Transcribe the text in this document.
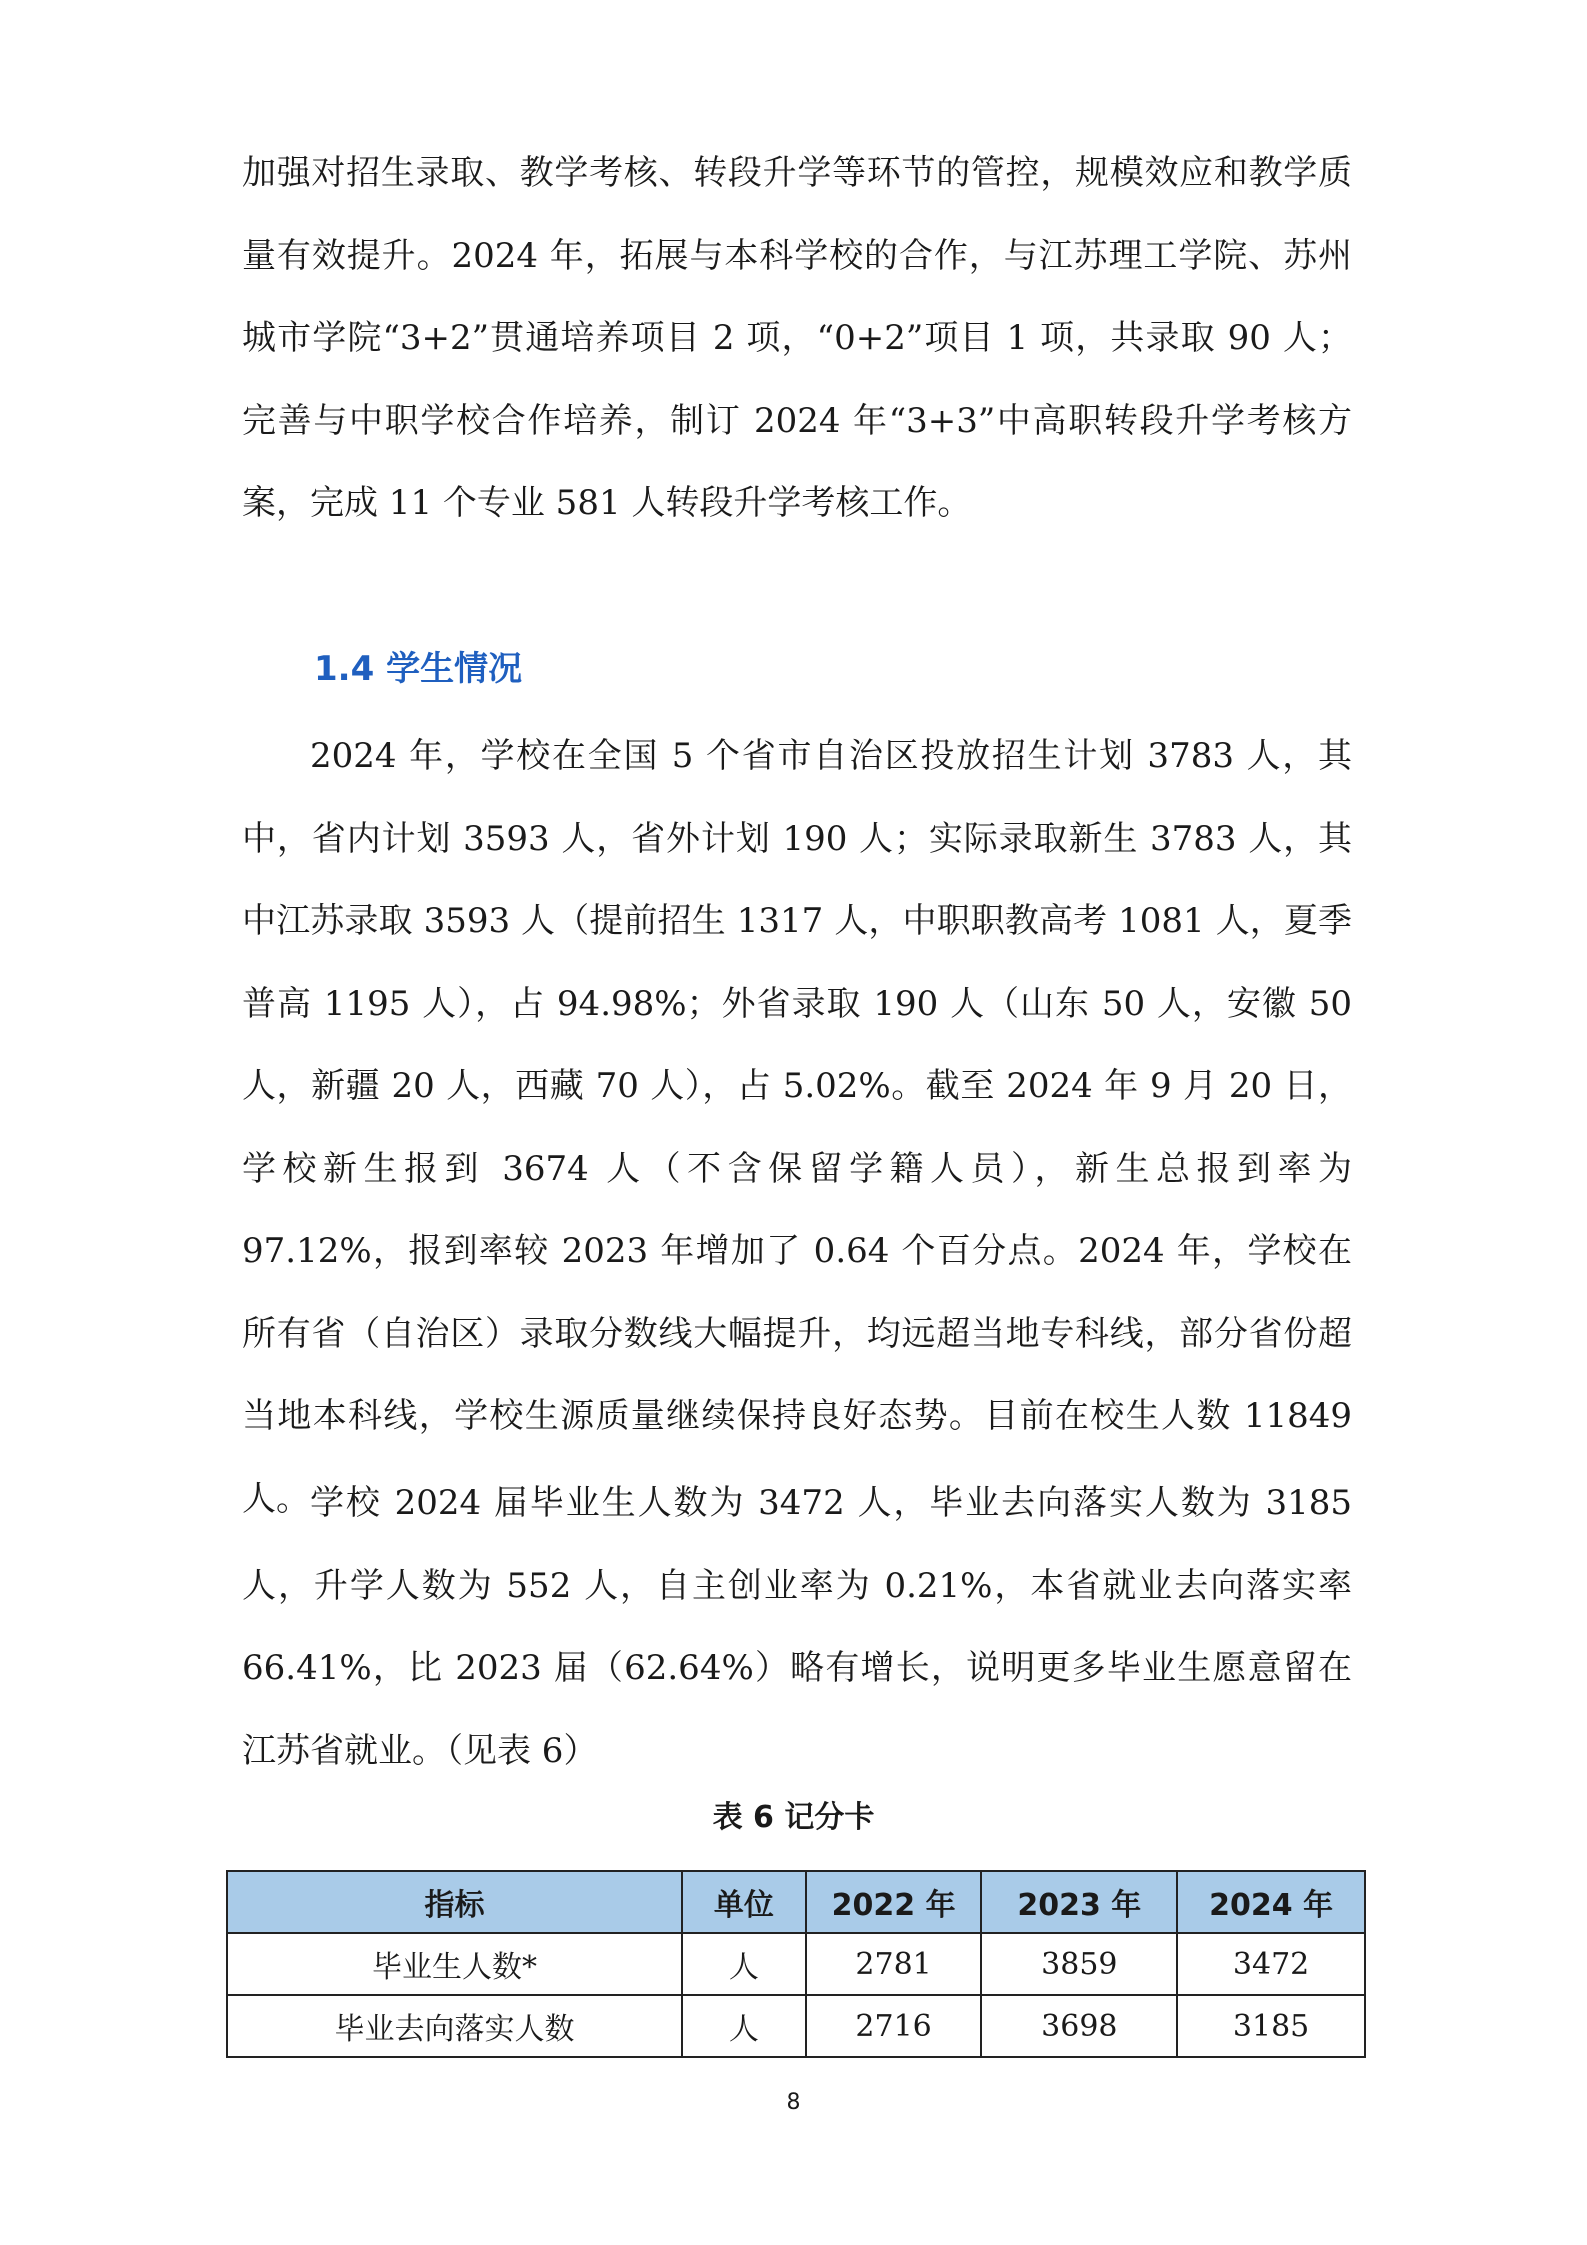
加强对招生录取、教学考核、转段升学等环节的管控，规模效应和教学质量有效提升。2024 年，拓展与本科学校的合作，与江苏理工学院、苏州城市学院“3+2”贯通培养项目 2 项，“0+2”项目 1 项，共录取 90 人；完善与中职学校合作培养，制订 2024 年“3+3”中高职转段升学考核方案，完成 11 个专业 581 人转段升学考核工作。

1.4 学生情况

2024 年，学校在全国 5 个省市自治区投放招生计划 3783 人，其中，省内计划 3593 人，省外计划 190 人；实际录取新生 3783 人，其中江苏录取 3593 人（提前招生 1317 人，中职职教高考 1081 人，夏季普高 1195 人），占 94.98%；外省录取 190 人（山东 50 人，安徽 50 人，新疆 20 人，西藏 70 人），占 5.02%。截至 2024 年 9 月 20 日，学校新生报到 3674 人（不含保留学籍人员），新生总报到率为 97.12%，报到率较 2023 年增加了 0.64 个百分点。2024 年，学校在所有省（自治区）录取分数线大幅提升，均远超当地专科线，部分省份超当地本科线，学校生源质量继续保持良好态势。目前在校生人数 11849 人。 学校 2024 届毕业生人数为 3472 人，毕业去向落实人数为 3185 人，升学人数为 552 人，自主创业率为 0.21%，本省就业去向落实率 66.41%，比 2023 届（62.64%）略有增长，说明更多毕业生愿意留在江苏省就业。（见表 6）

表 6 记分卡

指标	单位	2022 年	2023 年	2024 年
毕业生人数*	人	2781	3859	3472
毕业去向落实人数	人	2716	3698	3185
8
